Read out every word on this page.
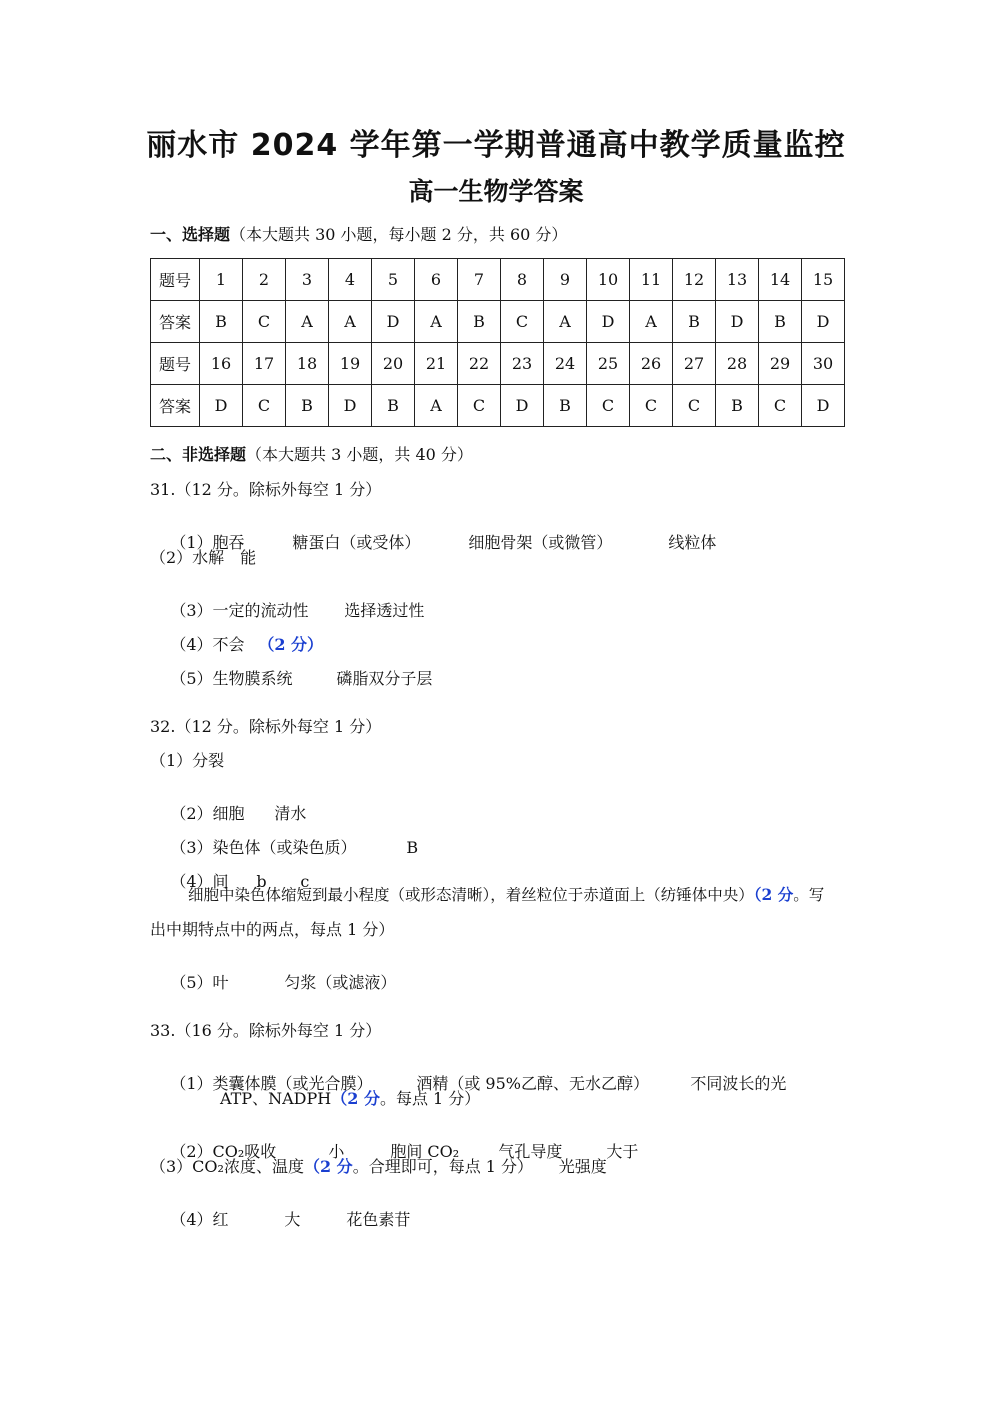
丽水市 2024 学年第一学期普通高中教学质量监控
高一生物学答案
一、选择题（本大题共 30 小题，每小题 2 分，共 60 分）
题号	1	2	3	4	5	6	7	8	9	10	11	12	13	14	15
答案	B	C	A	A	D	A	B	C	A	D	A	B	D	B	D
题号	16	17	18	19	20	21	22	23	24	25	26	27	28	29	30
答案	D	C	B	D	B	A	C	D	B	C	C	C	B	C	D
二、非选择题（本大题共 3 小题，共 40 分）
31.（12 分。除标外每空 1 分）

（1）胞吞	糖蛋白（或受体）	细胞骨架（或微管）	线粒体

（2）水解　能

（3）一定的流动性 选择透过性

（4）不会 （2 分）

（5）生物膜系统	磷脂双分子层

32.（12 分。除标外每空 1 分）
（1）分裂

（2）细胞 清水

（3）染色体（或染色质）	B

（4）间 b c

细胞中染色体缩短到最小程度（或形态清晰），着丝粒位于赤道面上（纺锤体中央）（2 分。写
出中期特点中的两点，每点 1 分）

（5）叶	匀浆（或滤液）

33.（16 分。除标外每空 1 分）

（1）类囊体膜（或光合膜）	酒精（或 95%乙醇、无水乙醇）	不同波长的光

ATP、NADPH（2 分。每点 1 分）

（2）CO₂吸收	小	胞间 CO₂ 气孔导度	大于

（3）CO₂浓度、温度（2 分。合理即可，每点 1 分） 光强度

（4）红	大	花色素苷
